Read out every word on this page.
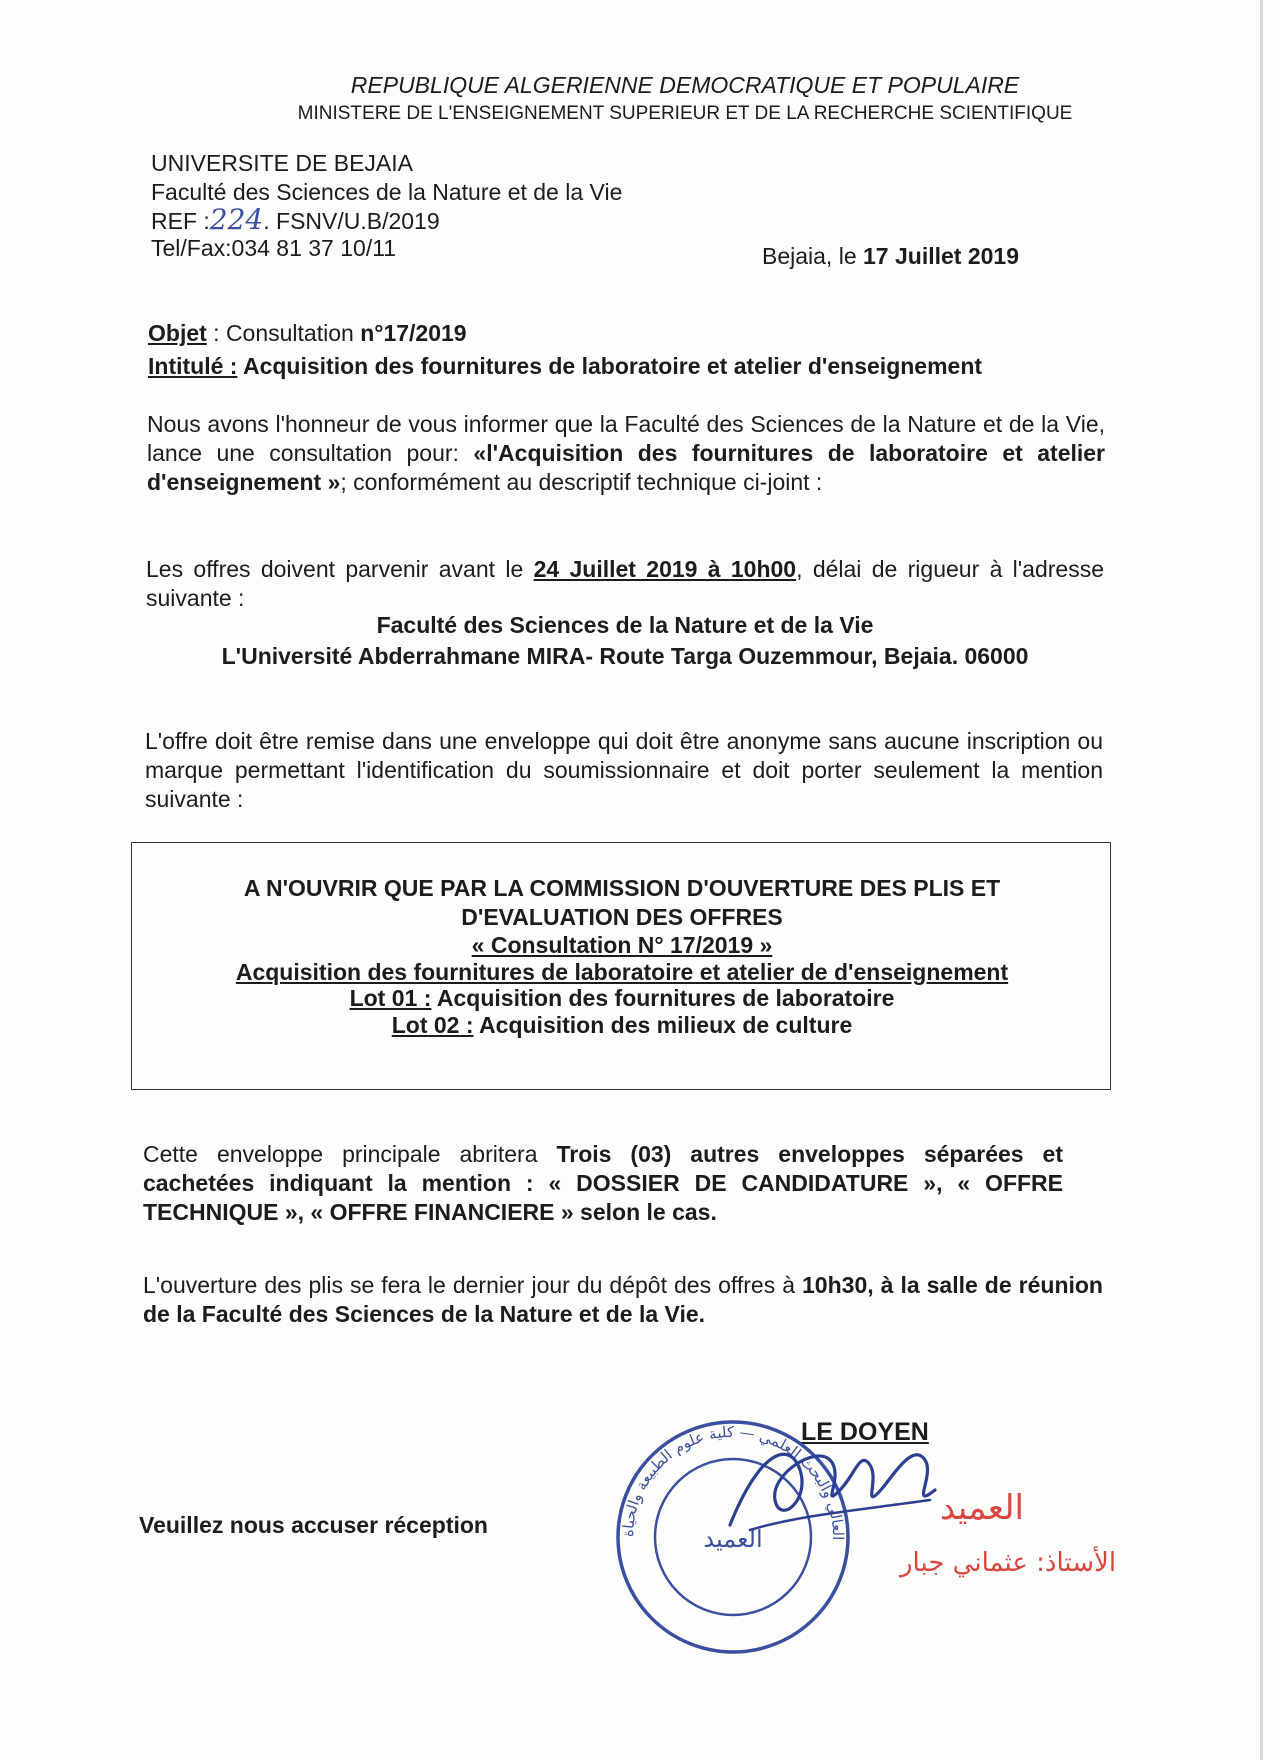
REPUBLIQUE ALGERIENNE DEMOCRATIQUE ET POPULAIRE
MINISTERE DE L'ENSEIGNEMENT SUPERIEUR ET DE LA RECHERCHE SCIENTIFIQUE
UNIVERSITE DE BEJAIA
Faculté des Sciences de la Nature et de la Vie
REF :224. FSNV/U.B/2019
Tel/Fax:034 81 37 10/11	Bejaia, le 17 Juillet 2019
Objet : Consultation n°17/2019
Intitulé : Acquisition des fournitures de laboratoire et atelier d'enseignement
Nous avons l'honneur de vous informer que la Faculté des Sciences de la Nature et de la Vie, lance une consultation pour: «l'Acquisition des fournitures de laboratoire et atelier d'enseignement »; conformément au descriptif technique ci-joint :
Les offres doivent parvenir avant le 24 Juillet 2019 à 10h00, délai de rigueur à l'adresse suivante :
Faculté des Sciences de la Nature et de la Vie
L'Université Abderrahmane MIRA- Route Targa Ouzemmour, Bejaia. 06000
L'offre doit être remise dans une enveloppe qui doit être anonyme sans aucune inscription ou marque permettant l'identification du soumissionnaire et doit porter seulement la mention suivante :
A N'OUVRIR QUE PAR LA COMMISSION D'OUVERTURE DES PLIS ET
D'EVALUATION DES OFFRES
« Consultation N° 17/2019 »
Acquisition des fournitures de laboratoire et atelier de d'enseignement
Lot 01 : Acquisition des fournitures de laboratoire
Lot 02 : Acquisition des milieux de culture
Cette enveloppe principale abritera Trois (03) autres enveloppes séparées et cachetées indiquant la mention : « DOSSIER DE CANDIDATURE », « OFFRE TECHNIQUE », « OFFRE FINANCIERE » selon le cas.
L'ouverture des plis se fera le dernier jour du dépôt des offres à 10h30, à la salle de réunion de la Faculté des Sciences de la Nature et de la Vie.
Veuillez nous accuser réception
LE DOYEN
العالي والبحث العلمي — كلية علوم الطبيعة والحياة
العميد
العميد
الأستاذ: عثماني جبار
